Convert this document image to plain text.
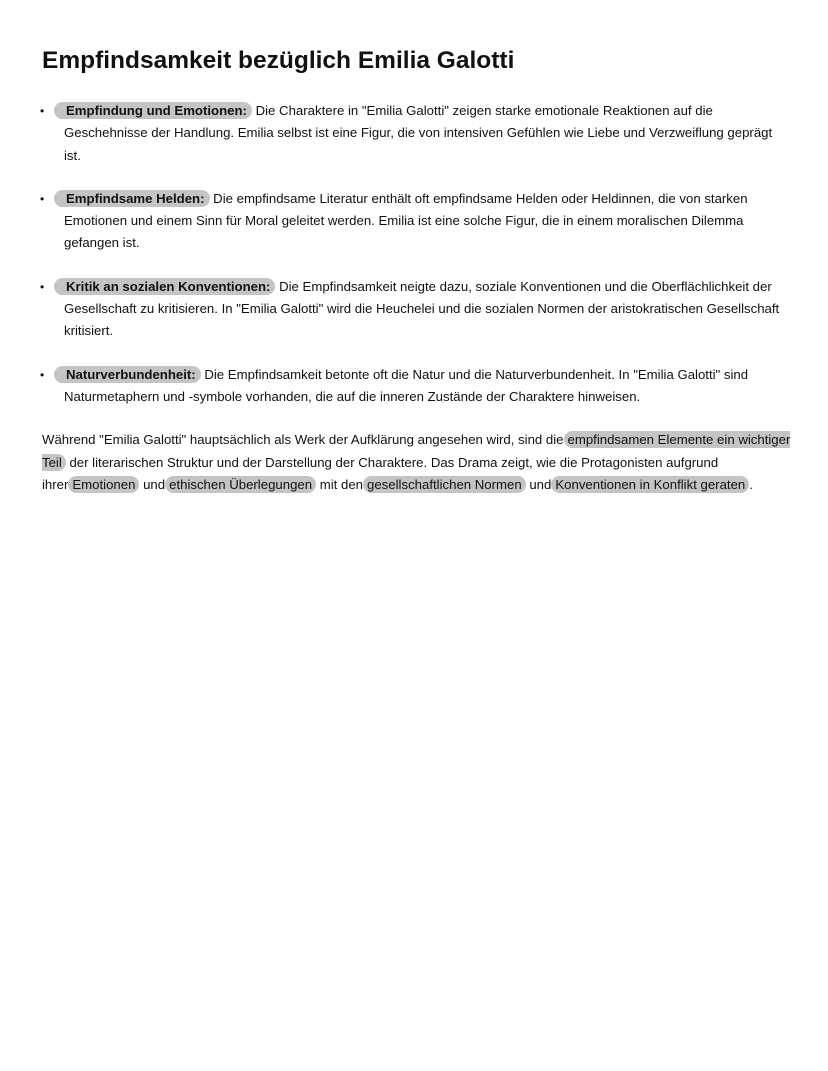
Empfindsamkeit bezüglich Emilia Galotti
• Empfindung und Emotionen: Die Charaktere in "Emilia Galotti" zeigen starke emotionale Reaktionen auf die Geschehnisse der Handlung. Emilia selbst ist eine Figur, die von intensiven Gefühlen wie Liebe und Verzweiflung geprägt ist.
• Empfindsame Helden: Die empfindsame Literatur enthält oft empfindsame Helden oder Heldinnen, die von starken Emotionen und einem Sinn für Moral geleitet werden. Emilia ist eine solche Figur, die in einem moralischen Dilemma gefangen ist.
• Kritik an sozialen Konventionen: Die Empfindsamkeit neigte dazu, soziale Konventionen und die Oberflächlichkeit der Gesellschaft zu kritisieren. In "Emilia Galotti" wird die Heuchelei und die sozialen Normen der aristokratischen Gesellschaft kritisiert.
• Naturverbundenheit: Die Empfindsamkeit betonte oft die Natur und die Naturverbundenheit. In "Emilia Galotti" sind Naturmetaphern und -symbole vorhanden, die auf die inneren Zustände der Charaktere hinweisen.

Während "Emilia Galotti" hauptsächlich als Werk der Aufklärung angesehen wird, sind die empfindsamen Elemente ein wichtiger Teil der literarischen Struktur und der Darstellung der Charaktere. Das Drama zeigt, wie die Protagonisten aufgrund ihrer Emotionen und ethischen Überlegungen mit den gesellschaftlichen Normen und Konventionen in Konflikt geraten .
